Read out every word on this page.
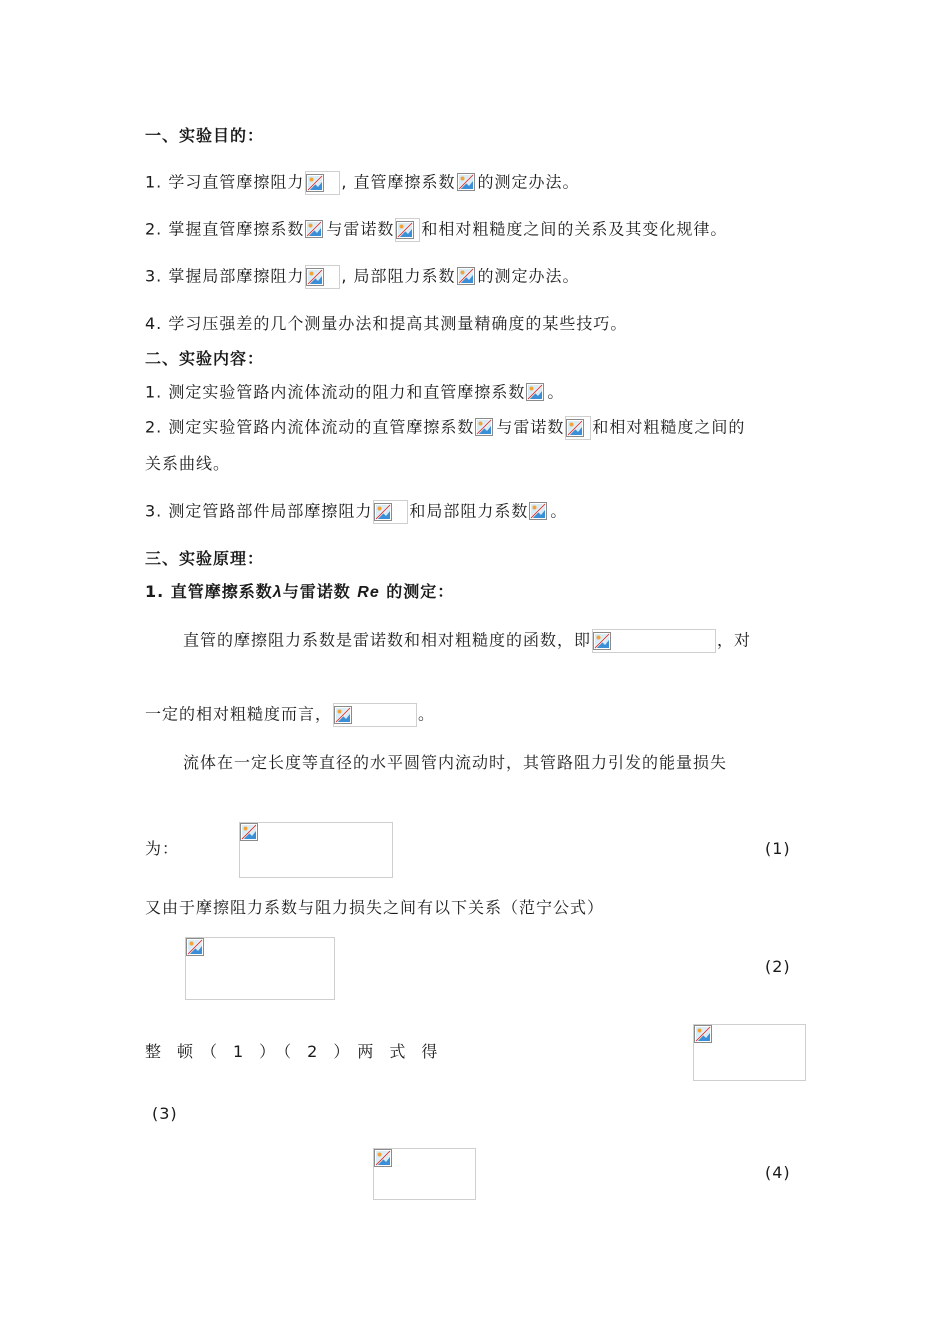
一、实验目的：
1. 学习直管摩擦阻力 , 直管摩擦系数 的测定办法。
2. 掌握直管摩擦系数 与雷诺数 和相对粗糙度之间的关系及其变化规律。
3. 掌握局部摩擦阻力 , 局部阻力系数 的测定办法。
4. 学习压强差的几个测量办法和提高其测量精确度的某些技巧。
二、实验内容：
1. 测定实验管路内流体流动的阻力和直管摩擦系数 。
2. 测定实验管路内流体流动的直管摩擦系数 与雷诺数 和相对粗糙度之间的
关系曲线。
3. 测定管路部件局部摩擦阻力 和局部阻力系数 。
三、实验原理：
1. 直管摩擦系数λ与雷诺数 Re 的测定：
直管的摩擦阻力系数是雷诺数和相对粗糙度的函数，即	，对
一定的相对粗糙度而言，	。
流体在一定长度等直径的水平圆管内流动时，其管路阻力引发的能量损失
为：	(1)
又由于摩擦阻力系数与阻力损失之间有以下关系（范宁公式）
(2)
整　顿　（　1　）　（　2　）　两　式　得
(3)
(4)
